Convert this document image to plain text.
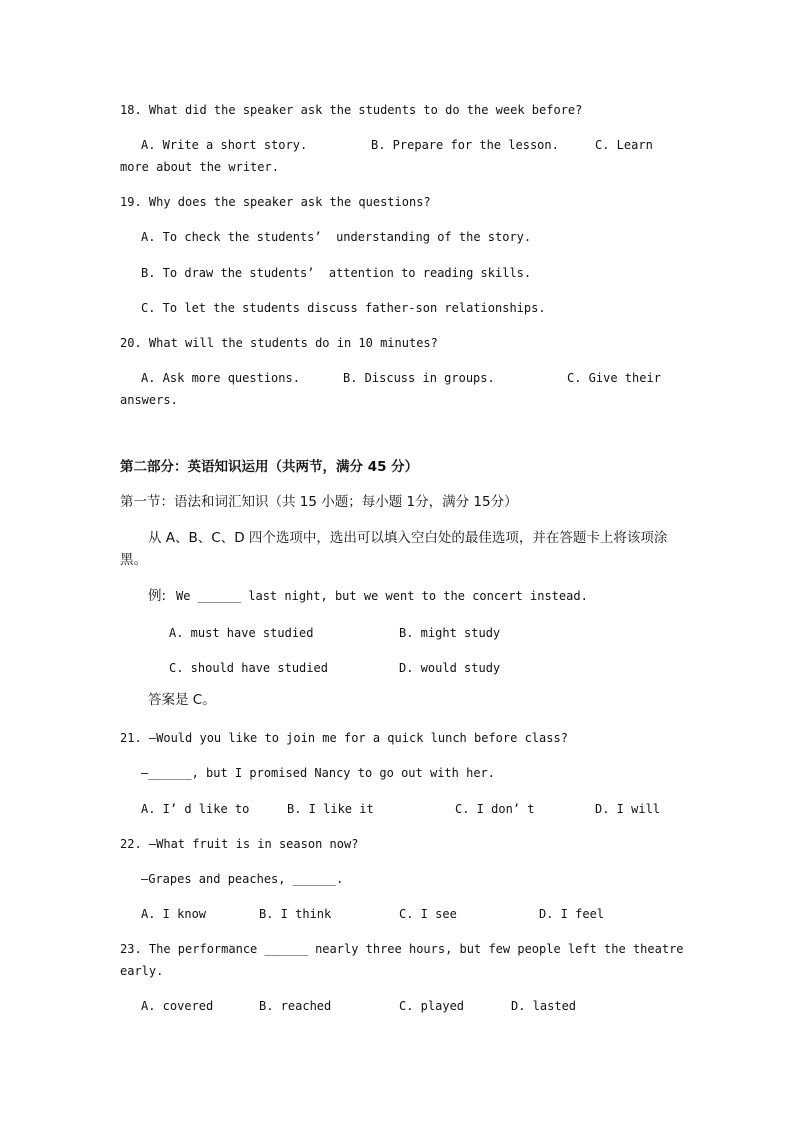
18. What did the speaker ask the students to do the week before?
A. Write a short story.	B. Prepare for the lesson.	C. Learn
more about the writer.
19. Why does the speaker ask the questions?
A. To check the students’  understanding of the story.
B. To draw the students’  attention to reading skills.
C. To let the students discuss father-son relationships.
20. What will the students do in 10 minutes?
A. Ask more questions.	B. Discuss in groups.	C. Give their
answers.
第二部分：英语知识运用（共两节，满分 45 分）
第一节：语法和词汇知识（共 15 小题；每小题 1分，满分 15分）
从 A、B、C、D 四个选项中，选出可以填入空白处的最佳选项，并在答题卡上将该项涂
黑。
例: We ______ last night, but we went to the concert instead.
A. must have studied	B. might study
C. should have studied	D. would study
答案是 C。
21. —Would you like to join me for a quick lunch before class?
—______, but I promised Nancy to go out with her.
A. I’ d like to	B. I like it	C. I don’ t	D. I will
22. —What fruit is in season now?
—Grapes and peaches, ______.
A. I know	B. I think	C. I see	D. I feel
23. The performance ______ nearly three hours, but few people left the theatre
early.
A. covered	B. reached	C. played	D. lasted
